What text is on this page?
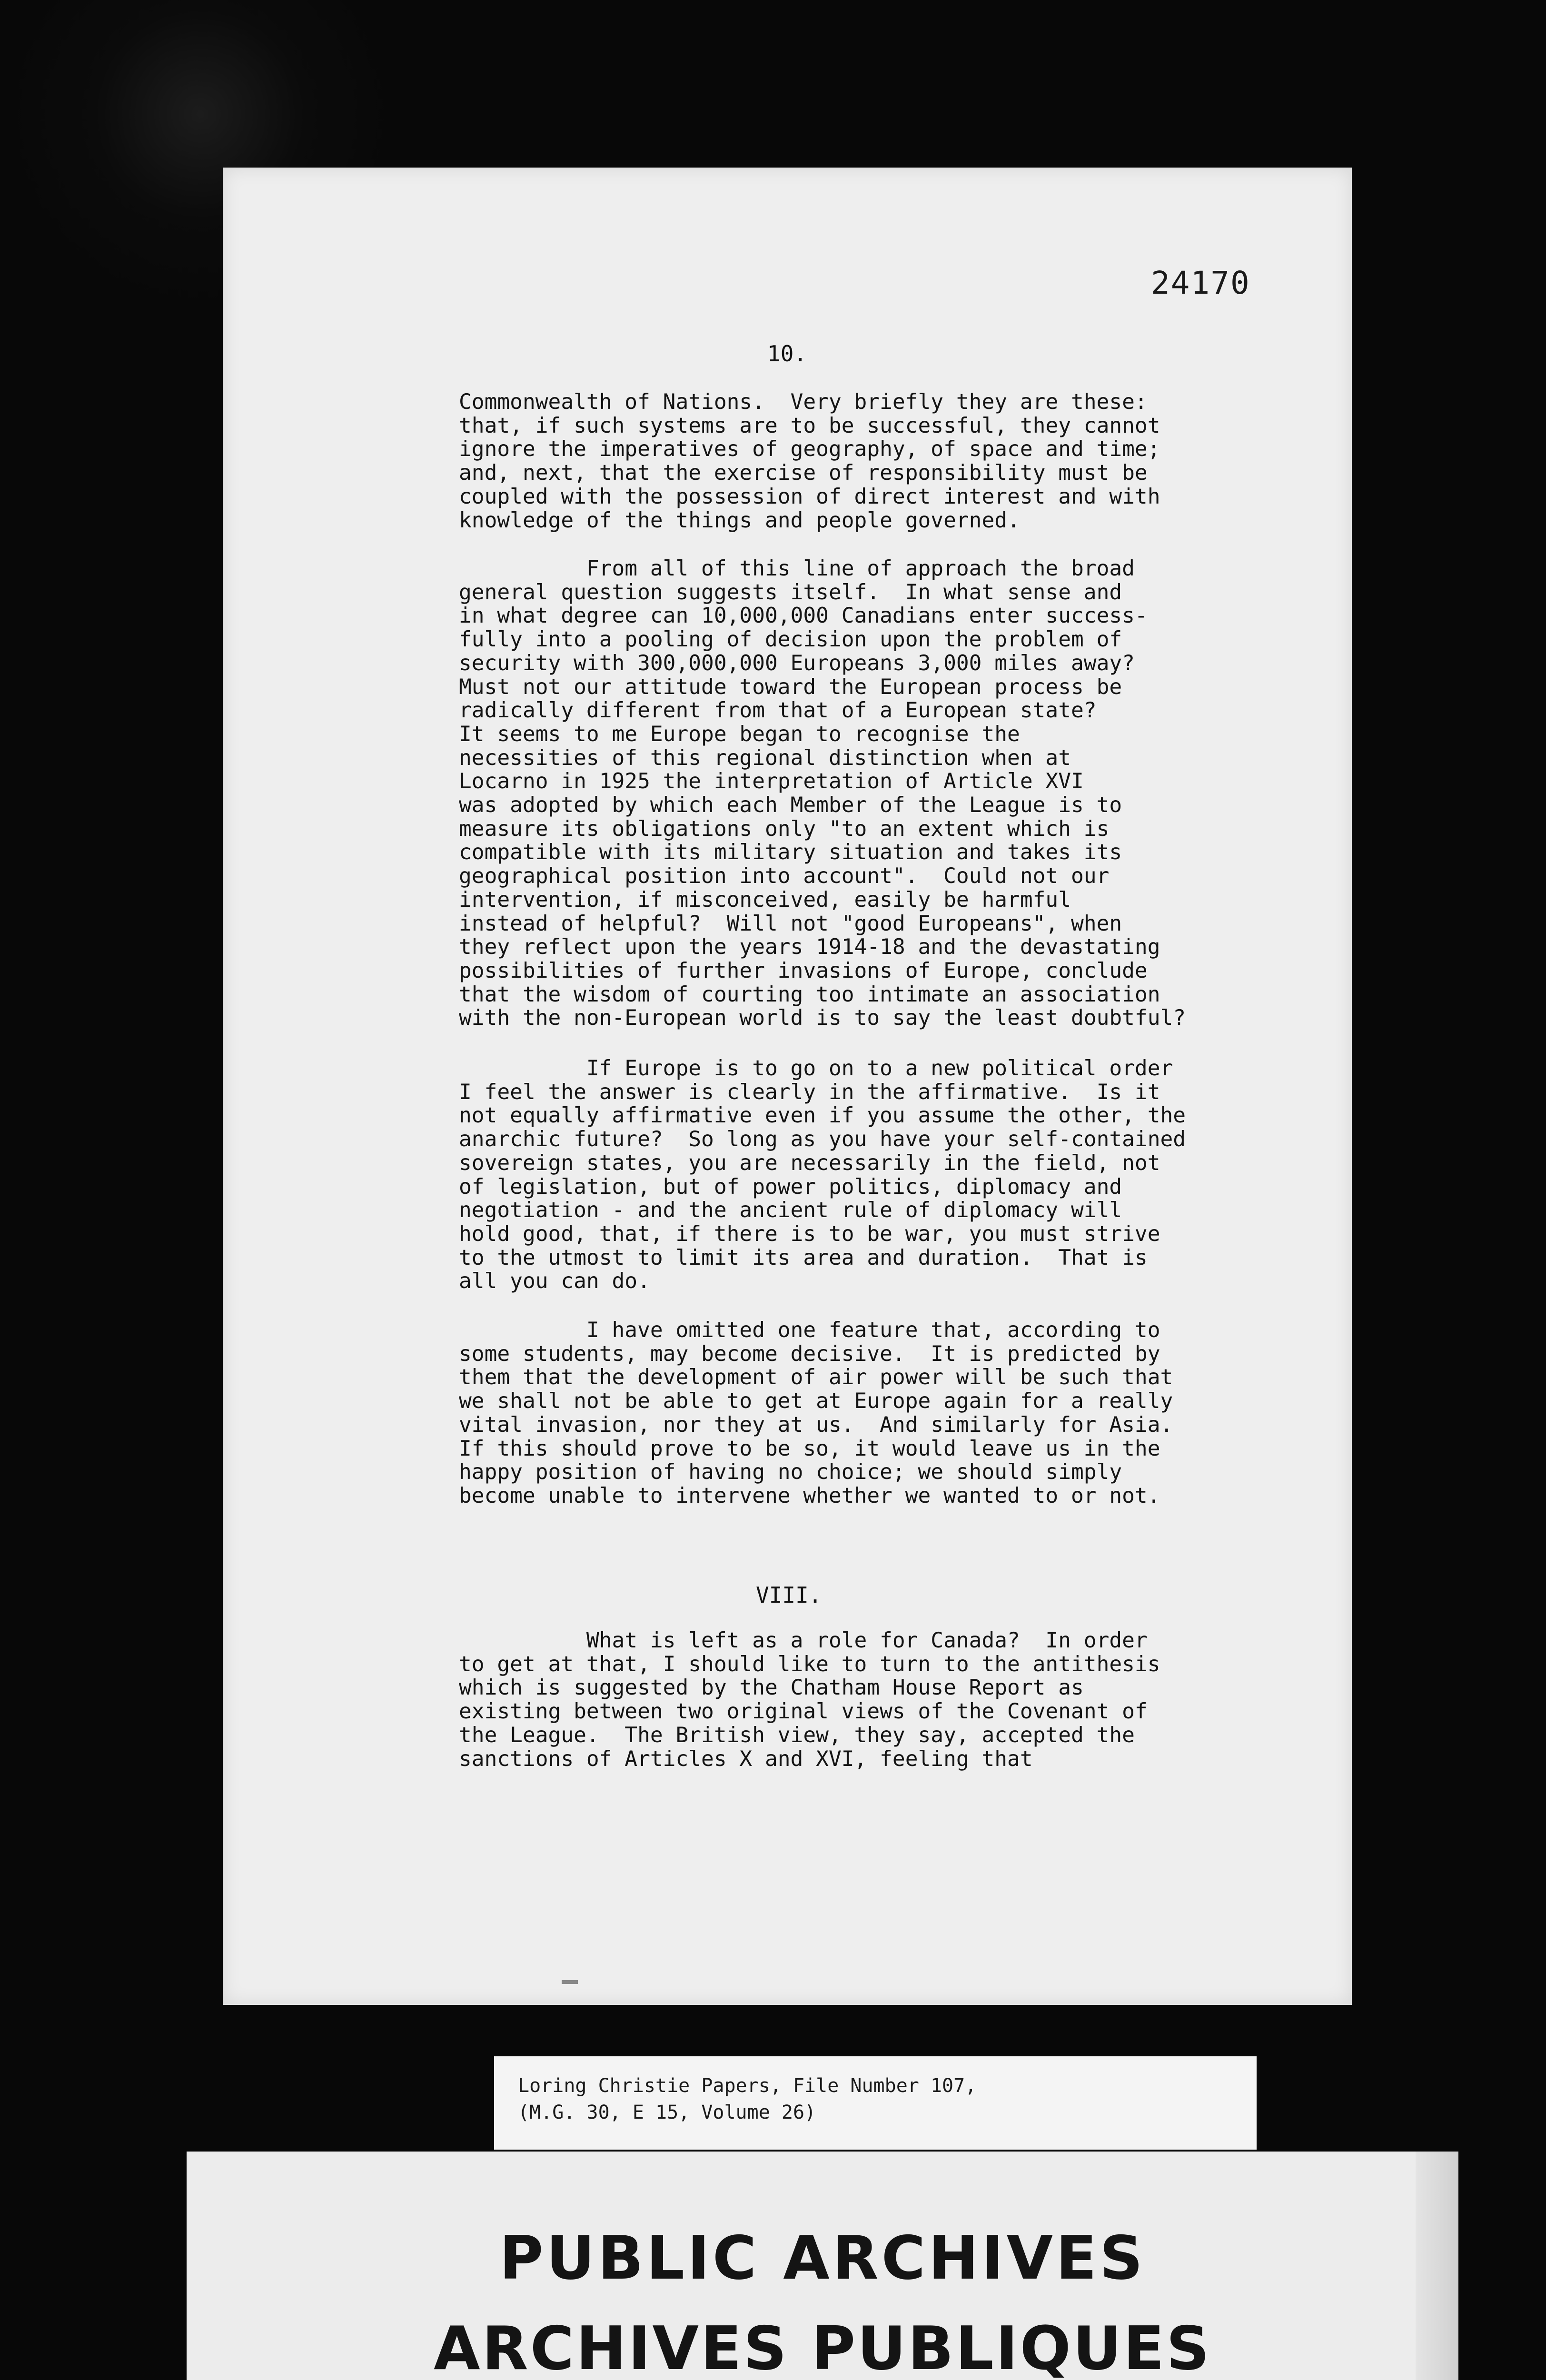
24170
10.
Commonwealth of Nations.  Very briefly they are these:
that, if such systems are to be successful, they cannot
ignore the imperatives of geography, of space and time;
and, next, that the exercise of responsibility must be
coupled with the possession of direct interest and with
knowledge of the things and people governed.
From all of this line of approach the broad
general question suggests itself.  In what sense and
in what degree can 10,000,000 Canadians enter success-
fully into a pooling of decision upon the problem of
security with 300,000,000 Europeans 3,000 miles away?
Must not our attitude toward the European process be
radically different from that of a European state?
It seems to me Europe began to recognise the
necessities of this regional distinction when at
Locarno in 1925 the interpretation of Article XVI
was adopted by which each Member of the League is to
measure its obligations only "to an extent which is
compatible with its military situation and takes its
geographical position into account".  Could not our
intervention, if misconceived, easily be harmful
instead of helpful?  Will not "good Europeans", when
they reflect upon the years 1914-18 and the devastating
possibilities of further invasions of Europe, conclude
that the wisdom of courting too intimate an association
with the non-European world is to say the least doubtful?
If Europe is to go on to a new political order
I feel the answer is clearly in the affirmative.  Is it
not equally affirmative even if you assume the other, the
anarchic future?  So long as you have your self-contained
sovereign states, you are necessarily in the field, not
of legislation, but of power politics, diplomacy and
negotiation - and the ancient rule of diplomacy will
hold good, that, if there is to be war, you must strive
to the utmost to limit its area and duration.  That is
all you can do.
I have omitted one feature that, according to
some students, may become decisive.  It is predicted by
them that the development of air power will be such that
we shall not be able to get at Europe again for a really
vital invasion, nor they at us.  And similarly for Asia.
If this should prove to be so, it would leave us in the
happy position of having no choice; we should simply
become unable to intervene whether we wanted to or not.
VIII.
What is left as a role for Canada?  In order
to get at that, I should like to turn to the antithesis
which is suggested by the Chatham House Report as
existing between two original views of the Covenant of
the League.  The British view, they say, accepted the
sanctions of Articles X and XVI, feeling that
Loring Christie Papers, File Number 107,
(M.G. 30, E 15, Volume 26)
PUBLIC ARCHIVES
ARCHIVES PUBLIQUES
